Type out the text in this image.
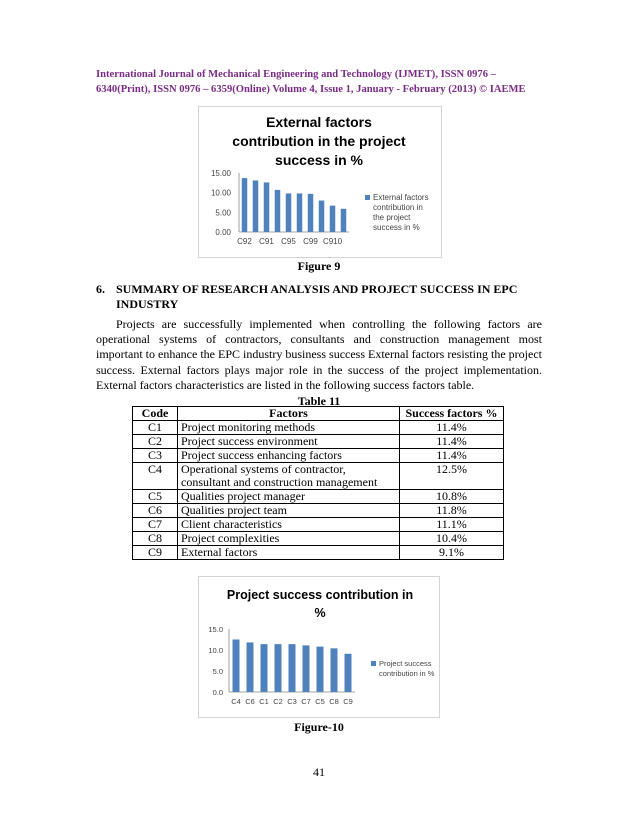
International Journal of Mechanical Engineering and Technology (IJMET), ISSN 0976 –
6340(Print), ISSN 0976 – 6359(Online) Volume 4, Issue 1, January - February (2013) © IAEME
External factors
contribution in the project
success in %
15.00
10.00
5.00
0.00
C92 C91 C95 C99 C910
External factors
contribution in
the project
success in %
Figure 9
6. SUMMARY OF RESEARCH ANALYSIS AND PROJECT SUCCESS IN EPC
INDUSTRY

Projects are successfully implemented when controlling the following factors are operational systems of contractors, consultants and construction management most important to enhance the EPC industry business success External factors resisting the project success. External factors plays major role in the success of the project implementation. External factors characteristics are listed in the following success factors table.

Table 11
Code	Factors	Success factors %
C1	Project monitoring methods	11.4%
C2	Project success environment	11.4%
C3	Project success enhancing factors	11.4%
C4	Operational systems of contractor,
consultant and construction management	12.5%
C5	Qualities project manager	10.8%
C6	Qualities project team	11.8%
C7	Client characteristics	11.1%
C8	Project complexities	10.4%
C9	External factors	9.1%
Project success contribution in
%
15.0
10.0
5.0
0.0
C4 C6 C1 C2 C3 C7 C5 C8 C9
Project success
contribution in %
Figure-10
41
